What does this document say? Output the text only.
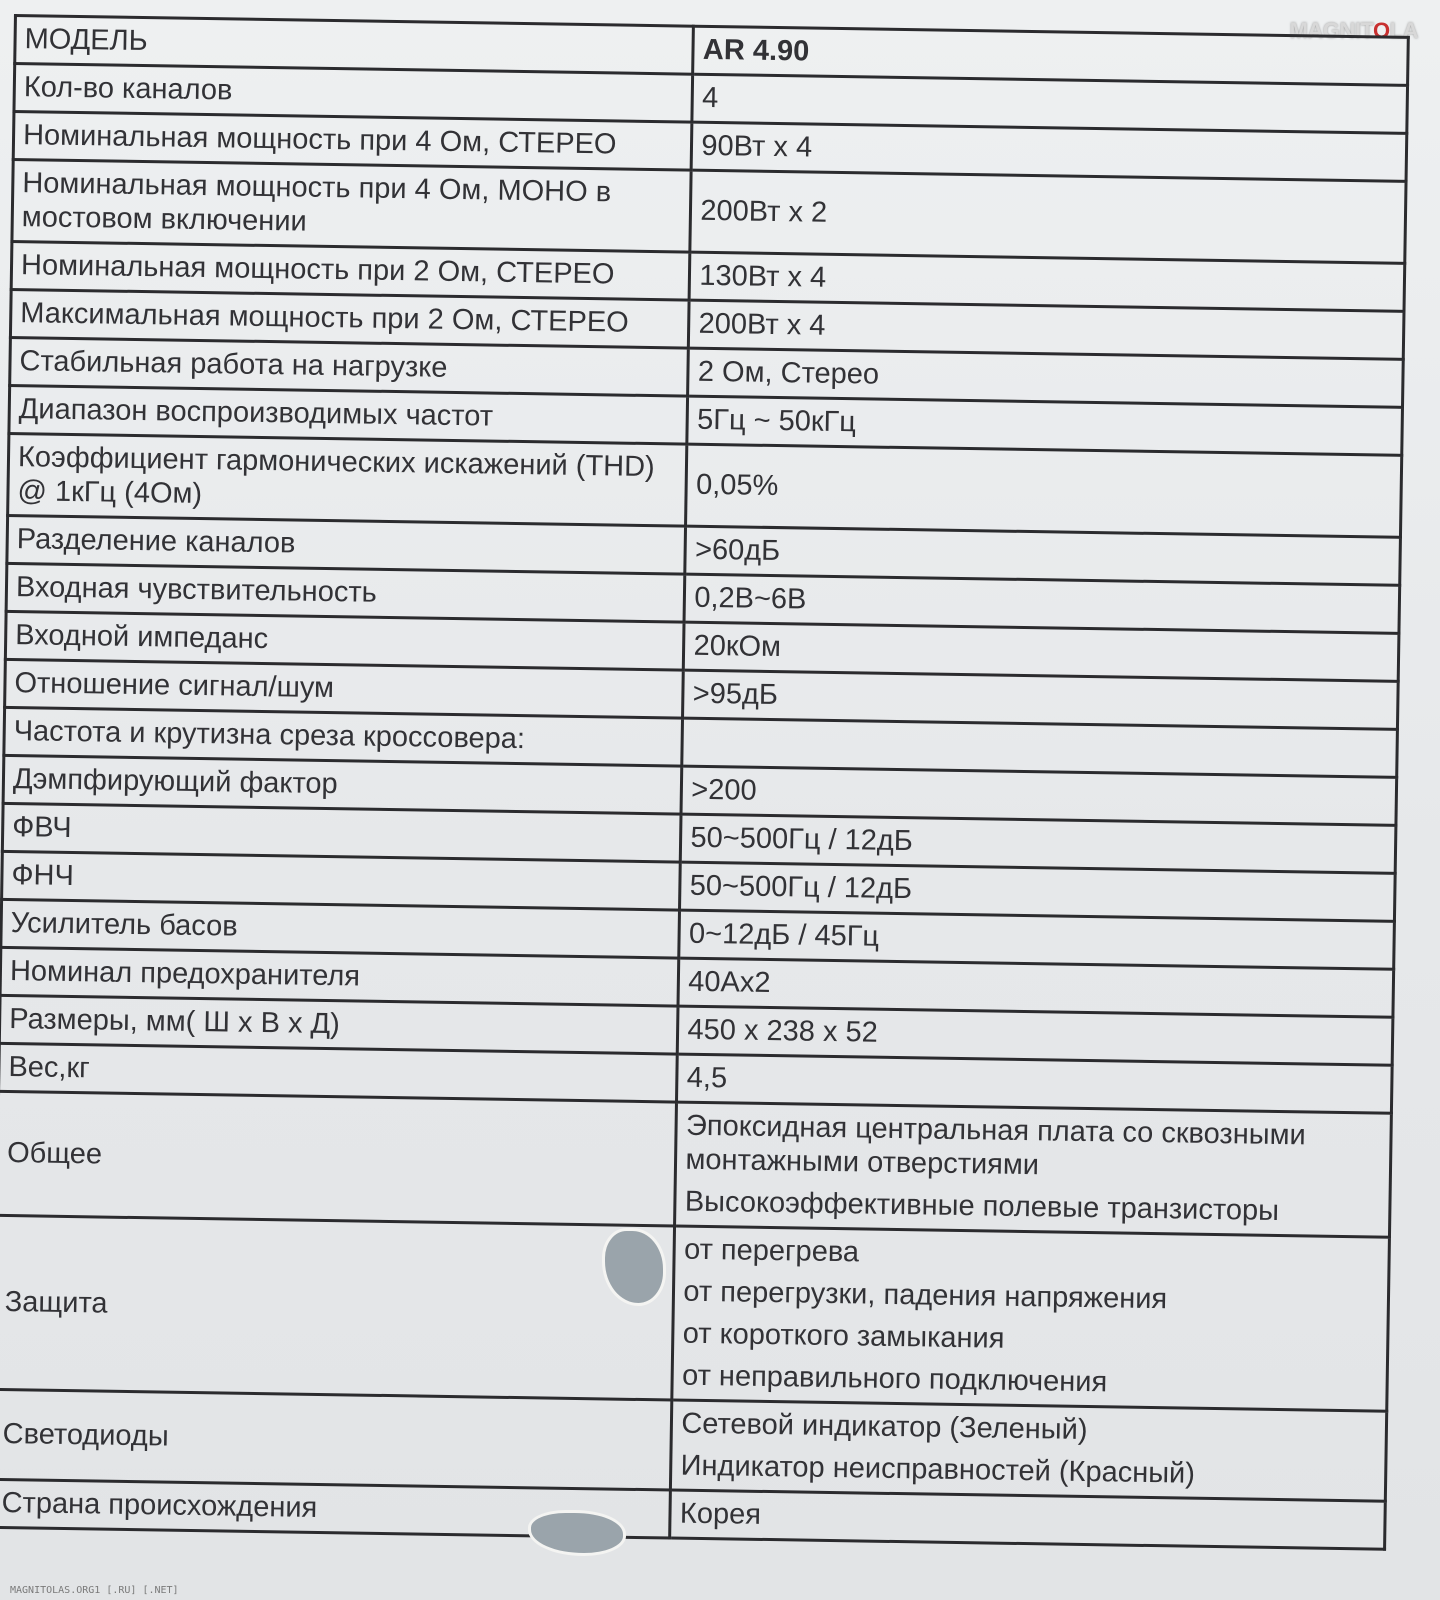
MAGNITOLA
МОДЕЛЬ	AR 4.90

Кол-во каналов	4

Номинальная мощность при 4 Ом, СТЕРЕО	90Вт x 4

Номинальная мощность при 4 Ом, МОНО в мостовом включении	200Вт x 2

Номинальная мощность при 2 Ом, СТЕРЕО	130Вт x 4

Максимальная мощность при 2 Ом, СТЕРЕО	200Вт x 4

Стабильная работа на нагрузке	2 Ом, Стерео

Диапазон воспроизводимых частот	5Гц ~ 50кГц

Коэффициент гармонических искажений (THD) @ 1кГц (4Ом)	0,05%

Разделение каналов	>60дБ

Входная чувствительность	0,2В~6В

Входной импеданс	20кОм

Отношение сигнал/шум	>95дБ

Частота и крутизна среза кроссовера:	

Дэмпфирующий фактор	>200

ФВЧ	50~500Гц / 12дБ

ФНЧ	50~500Гц / 12дБ

Усилитель басов	0~12дБ / 45Гц

Номинал предохранителя	40Ax2

Размеры, мм( Ш x В x Д)	450 x 238 x 52

Вес,кг	4,5

Общее	Эпоксидная центральная плата со сквозными монтажными отверстиями
Высокоэффективные полевые транзисторы

Защита	от перегрева
от перегрузки, падения напряжения
от короткого замыкания
от неправильного подключения

Светодиоды	Сетевой индикатор (Зеленый)
Индикатор неисправностей (Красный)

Страна происхождения	Корея
MAGNITOLAS.ORG1 [.RU] [.NET]
